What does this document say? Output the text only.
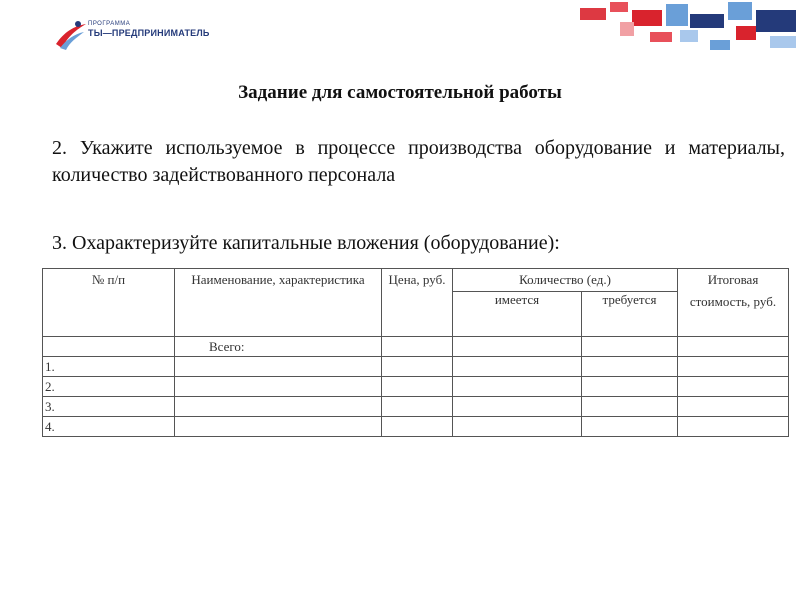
ПРОГРАММА
ТЫ—ПРЕДПРИНИМАТЕЛЬ
Задание для самостоятельной работы
2. Укажите используемое в процессе производства оборудование и материалы, количество задействованного персонала
3. Охарактеризуйте капитальные вложения (оборудование):
№ п/п	Наименование, характеристика	Цена, руб.	Количество (ед.)		Итоговая стоимость, руб.
			имеется	требуется	
	Всего:				
1.					
2.					
3.					
4.					
